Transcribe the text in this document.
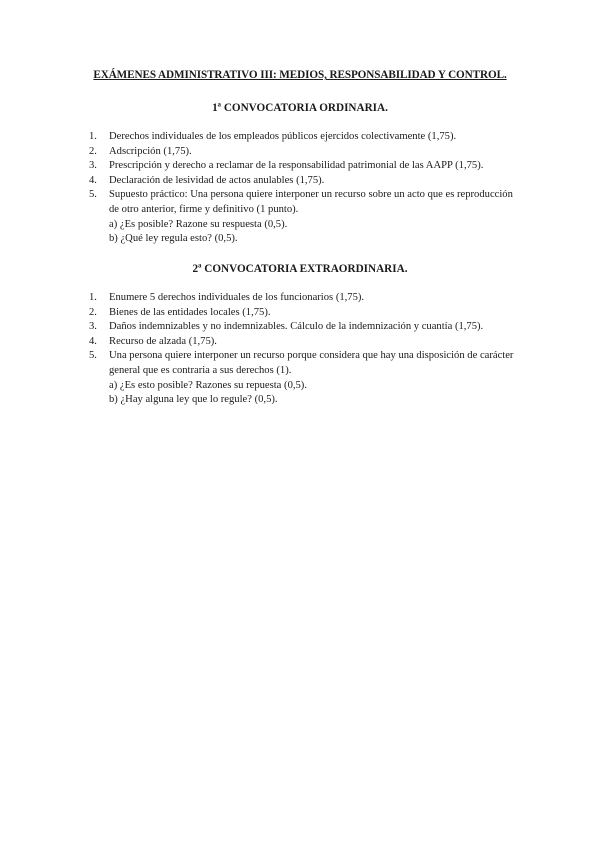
EXÁMENES ADMINISTRATIVO III: MEDIOS, RESPONSABILIDAD Y CONTROL.
1ª CONVOCATORIA ORDINARIA.
1. Derechos individuales de los empleados públicos ejercidos colectivamente (1,75).
2. Adscripción (1,75).
3. Prescripción y derecho a reclamar de la responsabilidad patrimonial de las AAPP (1,75).
4. Declaración de lesividad de actos anulables (1,75).
5. Supuesto práctico: Una persona quiere interponer un recurso sobre un acto que es reproducción de otro anterior, firme y definitivo (1 punto).
a) ¿Es posible? Razone su respuesta (0,5).
b) ¿Qué ley regula esto? (0,5).
2ª CONVOCATORIA EXTRAORDINARIA.
1. Enumere 5 derechos individuales de los funcionarios (1,75).
2. Bienes de las entidades locales (1,75).
3. Daños indemnizables y no indemnizables. Cálculo de la indemnización y cuantía (1,75).
4. Recurso de alzada (1,75).
5. Una persona quiere interponer un recurso porque considera que hay una disposición de carácter general que es contraria a sus derechos (1).
a) ¿Es esto posible? Razones su repuesta (0,5).
b) ¿Hay alguna ley que lo regule? (0,5).
